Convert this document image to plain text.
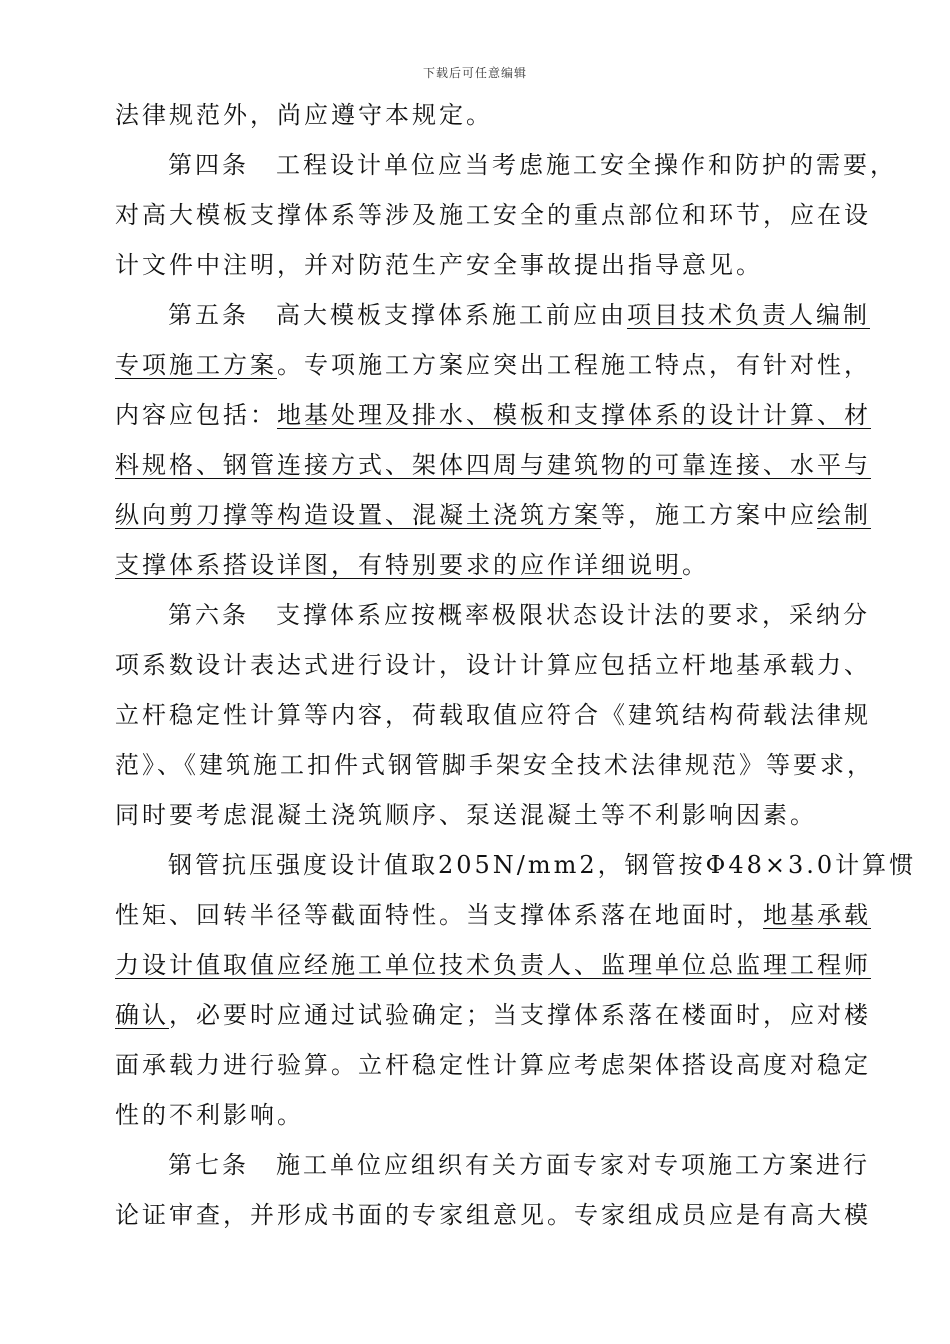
下载后可任意编辑
法律规范外，尚应遵守本规定。
第四条　工程设计单位应当考虑施工安全操作和防护的需要，
对高大模板支撑体系等涉及施工安全的重点部位和环节，应在设
计文件中注明，并对防范生产安全事故提出指导意见。
第五条　高大模板支撑体系施工前应由项目技术负责人编制
专项施工方案。专项施工方案应突出工程施工特点，有针对性，
内容应包括：地基处理及排水、模板和支撑体系的设计计算、材
料规格、钢管连接方式、架体四周与建筑物的可靠连接、水平与
纵向剪刀撑等构造设置、混凝土浇筑方案等，施工方案中应绘制
支撑体系搭设详图，有特别要求的应作详细说明。
第六条　支撑体系应按概率极限状态设计法的要求，采纳分
项系数设计表达式进行设计，设计计算应包括立杆地基承载力、
立杆稳定性计算等内容，荷载取值应符合《建筑结构荷载法律规
范》、《建筑施工扣件式钢管脚手架安全技术法律规范》等要求，
同时要考虑混凝土浇筑顺序、泵送混凝土等不利影响因素。
钢管抗压强度设计值取205N/mm2，钢管按Φ48×3.0计算惯
性矩、回转半径等截面特性。当支撑体系落在地面时，地基承载
力设计值取值应经施工单位技术负责人、监理单位总监理工程师
确认，必要时应通过试验确定；当支撑体系落在楼面时，应对楼
面承载力进行验算。立杆稳定性计算应考虑架体搭设高度对稳定
性的不利影响。
第七条　施工单位应组织有关方面专家对专项施工方案进行
论证审查，并形成书面的专家组意见。专家组成员应是有高大模
